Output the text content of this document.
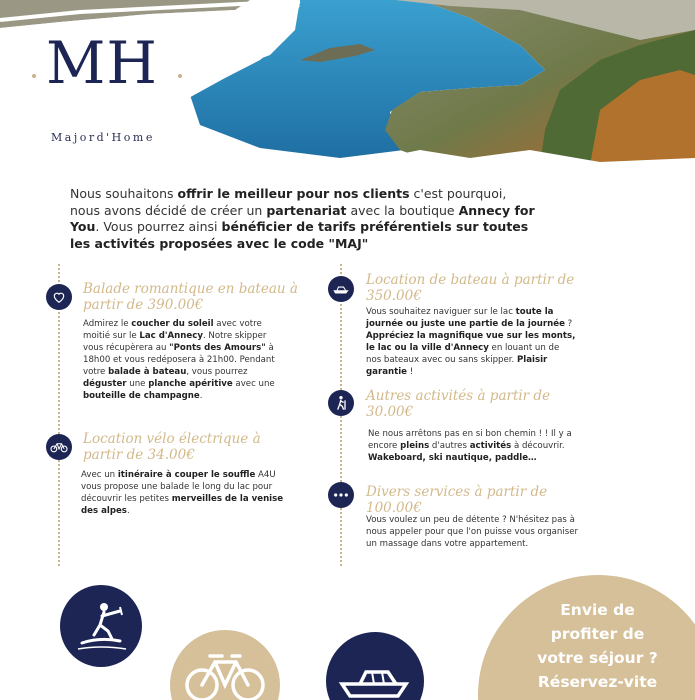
MH
Majord'Home

Nous souhaitons offrir le meilleur pour nos clients c'est pourquoi, nous avons décidé de créer un partenariat avec la boutique Annecy for You. Vous pourrez ainsi bénéficier de tarifs préférentiels sur toutes les activités proposées avec le code "MAJ"

Balade romantique en bateau à partir de 390.00€

Admirez le coucher du soleil avec votre moitié sur le Lac d'Annecy. Notre skipper vous récupèrera au "Ponts des Amours" à 18h00 et vous redéposera à 21h00. Pendant votre balade à bateau, vous pourrez déguster une planche apéritive avec une bouteille de champagne.

Location vélo électrique à partir de 34.00€

Avec un itinéraire à couper le souffle A4U vous propose une balade le long du lac pour découvrir les petites merveilles de la venise des alpes.

Location de bateau à partir de 350.00€

Vous souhaitez naviguer sur le lac toute la journée ou juste une partie de la journée ? Appréciez la magnifique vue sur les monts, le lac ou la ville d'Annecy en louant un de nos bateaux avec ou sans skipper. Plaisir garantie !

Autres activités à partir de 30.00€

Ne nous arrêtons pas en si bon chemin ! ! Il y a encore pleins d'autres activités à découvrir. Wakeboard, ski nautique, paddle…

Divers services à partir de 100.00€

Vous voulez un peu de détente ? N'hésitez pas à nous appeler pour que l'on puisse vous organiser un massage dans votre appartement.

Envie de
profiter de
votre séjour ?
Réservez-vite
